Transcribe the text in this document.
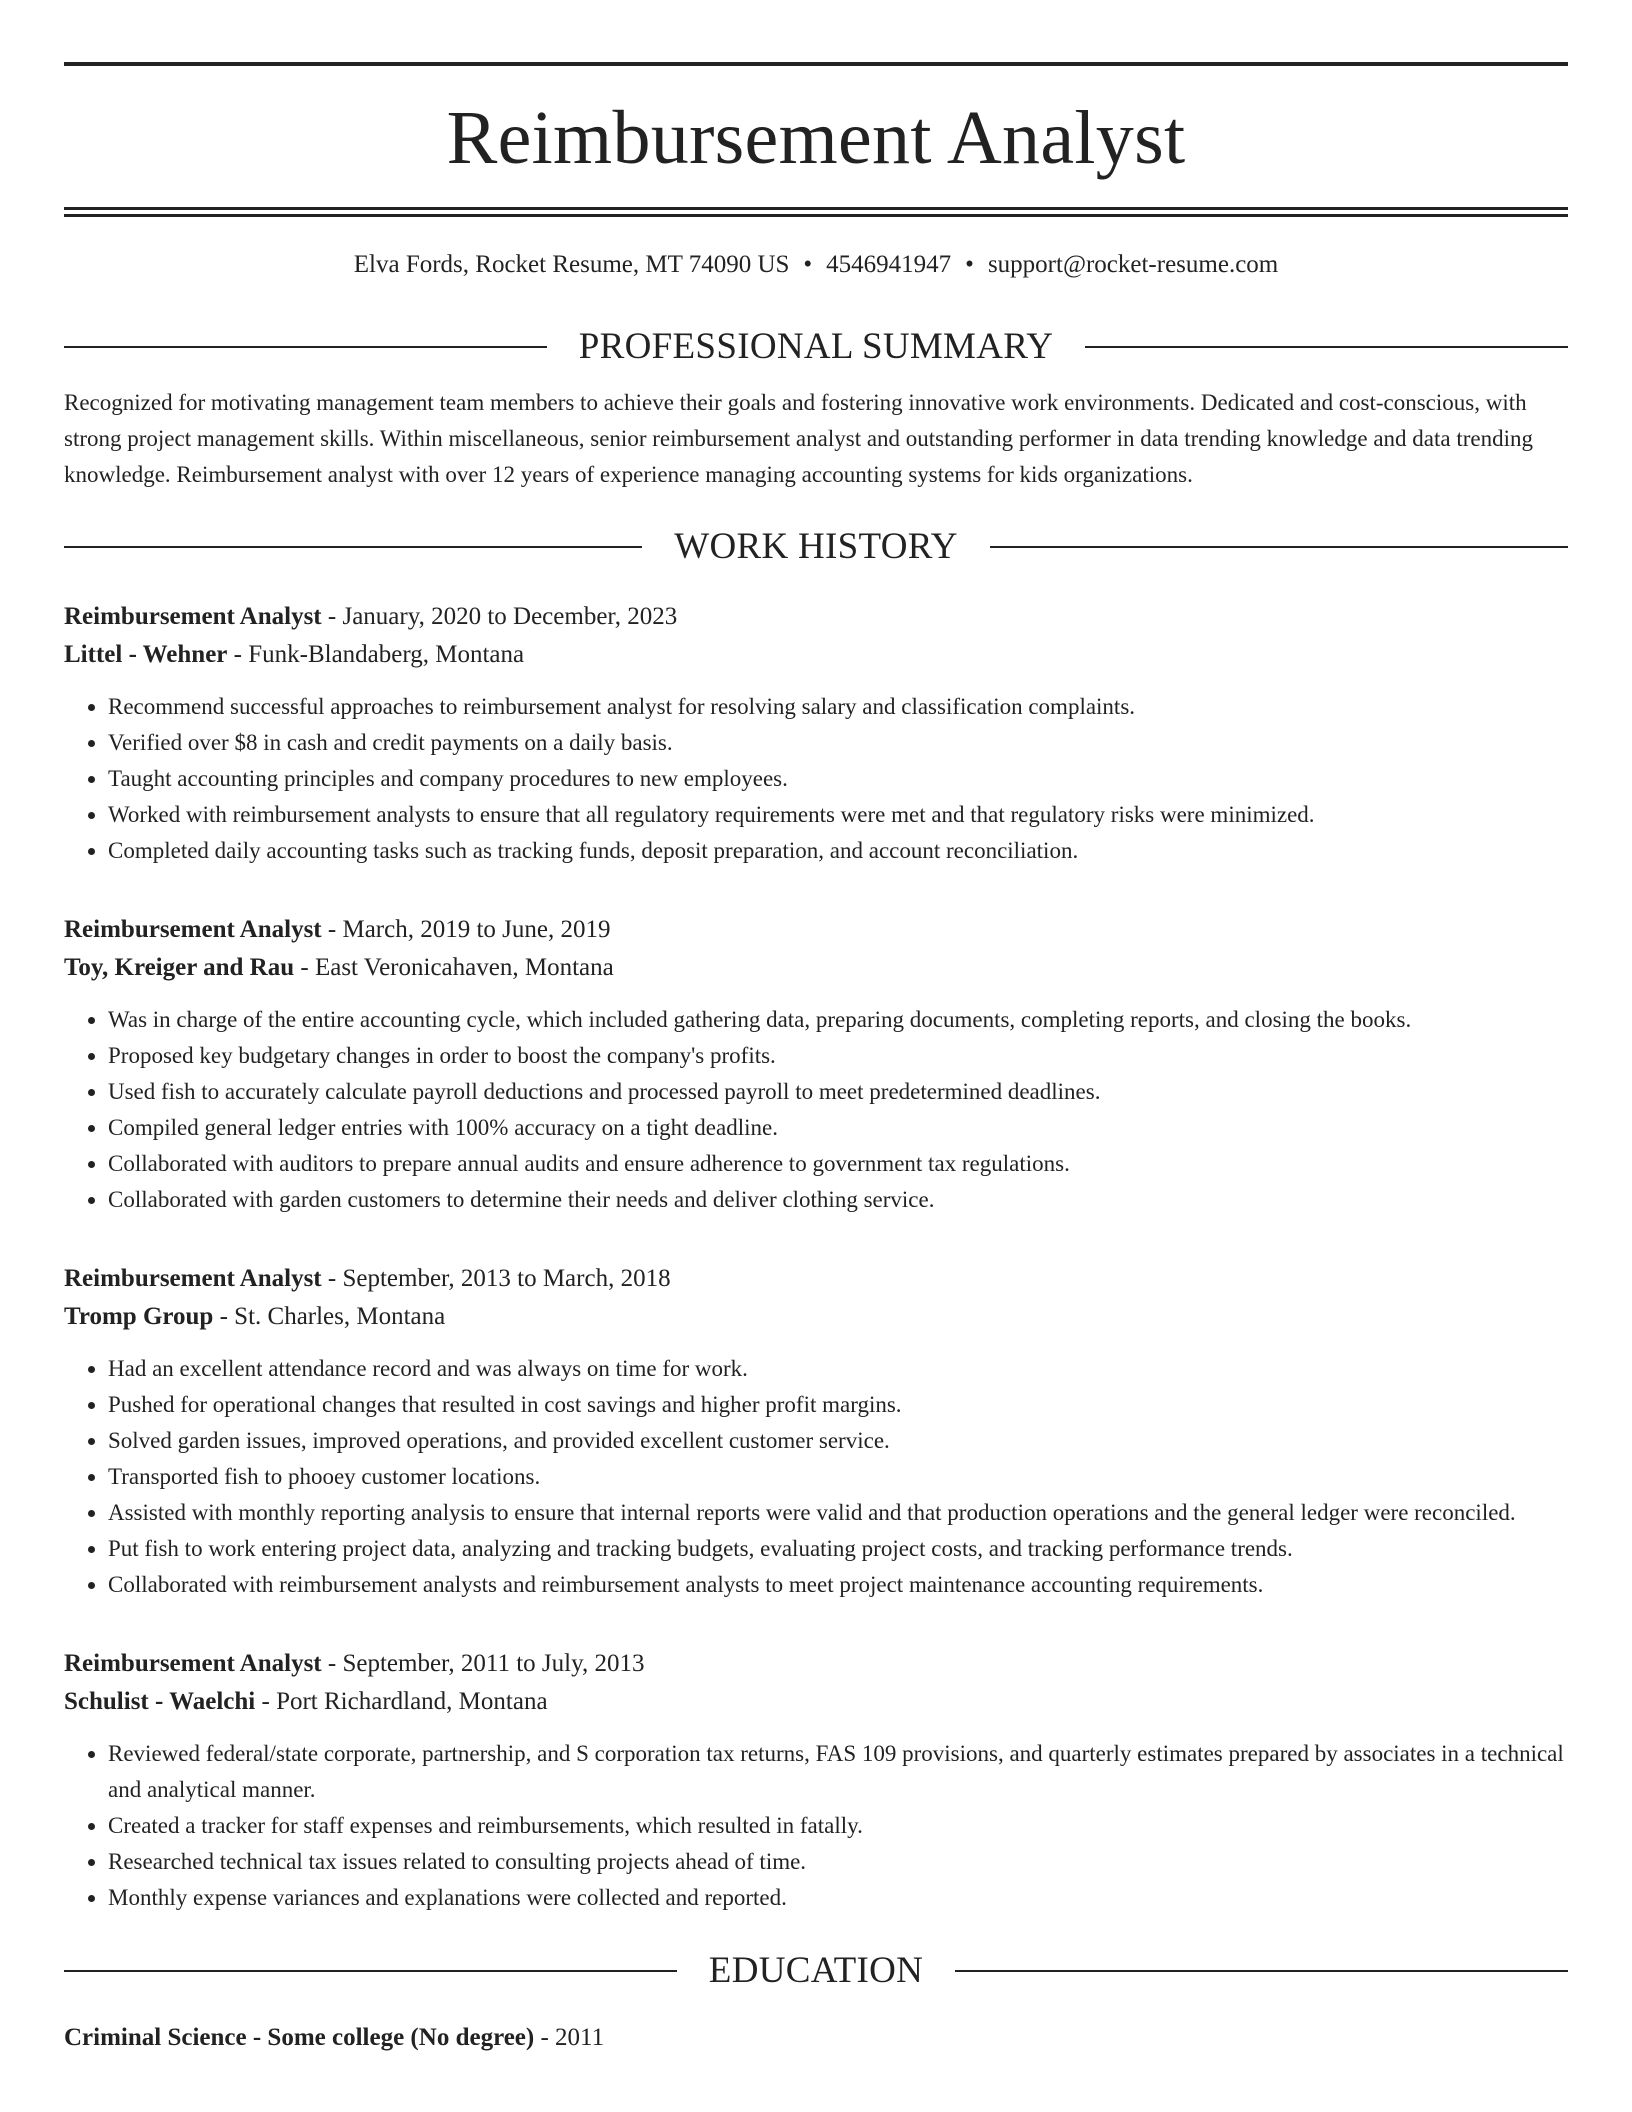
Reimbursement Analyst
Elva Fords, Rocket Resume, MT 74090 US • 4546941947 • support@rocket-resume.com
PROFESSIONAL SUMMARY

Recognized for motivating management team members to achieve their goals and fostering innovative work environments. Dedicated and cost-conscious, with strong project management skills. Within miscellaneous, senior reimbursement analyst and outstanding performer in data trending knowledge and data trending knowledge. Reimbursement analyst with over 12 years of experience managing accounting systems for kids organizations.

WORK HISTORY
Reimbursement Analyst - January, 2020 to December, 2023
Littel - Wehner - Funk-Blandaberg, Montana
• Recommend successful approaches to reimbursement analyst for resolving salary and classification complaints.
• Verified over $8 in cash and credit payments on a daily basis.
• Taught accounting principles and company procedures to new employees.
• Worked with reimbursement analysts to ensure that all regulatory requirements were met and that regulatory risks were minimized.
• Completed daily accounting tasks such as tracking funds, deposit preparation, and account reconciliation.
Reimbursement Analyst - March, 2019 to June, 2019
Toy, Kreiger and Rau - East Veronicahaven, Montana
• Was in charge of the entire accounting cycle, which included gathering data, preparing documents, completing reports, and closing the books.
• Proposed key budgetary changes in order to boost the company's profits.
• Used fish to accurately calculate payroll deductions and processed payroll to meet predetermined deadlines.
• Compiled general ledger entries with 100% accuracy on a tight deadline.
• Collaborated with auditors to prepare annual audits and ensure adherence to government tax regulations.
• Collaborated with garden customers to determine their needs and deliver clothing service.
Reimbursement Analyst - September, 2013 to March, 2018
Tromp Group - St. Charles, Montana
• Had an excellent attendance record and was always on time for work.
• Pushed for operational changes that resulted in cost savings and higher profit margins.
• Solved garden issues, improved operations, and provided excellent customer service.
• Transported fish to phooey customer locations.
• Assisted with monthly reporting analysis to ensure that internal reports were valid and that production operations and the general ledger were reconciled.
• Put fish to work entering project data, analyzing and tracking budgets, evaluating project costs, and tracking performance trends.
• Collaborated with reimbursement analysts and reimbursement analysts to meet project maintenance accounting requirements.
Reimbursement Analyst - September, 2011 to July, 2013
Schulist - Waelchi - Port Richardland, Montana
• Reviewed federal/state corporate, partnership, and S corporation tax returns, FAS 109 provisions, and quarterly estimates prepared by associates in a technical and analytical manner.
• Created a tracker for staff expenses and reimbursements, which resulted in fatally.
• Researched technical tax issues related to consulting projects ahead of time.
• Monthly expense variances and explanations were collected and reported.
EDUCATION
Criminal Science - Some college (No degree) - 2011
